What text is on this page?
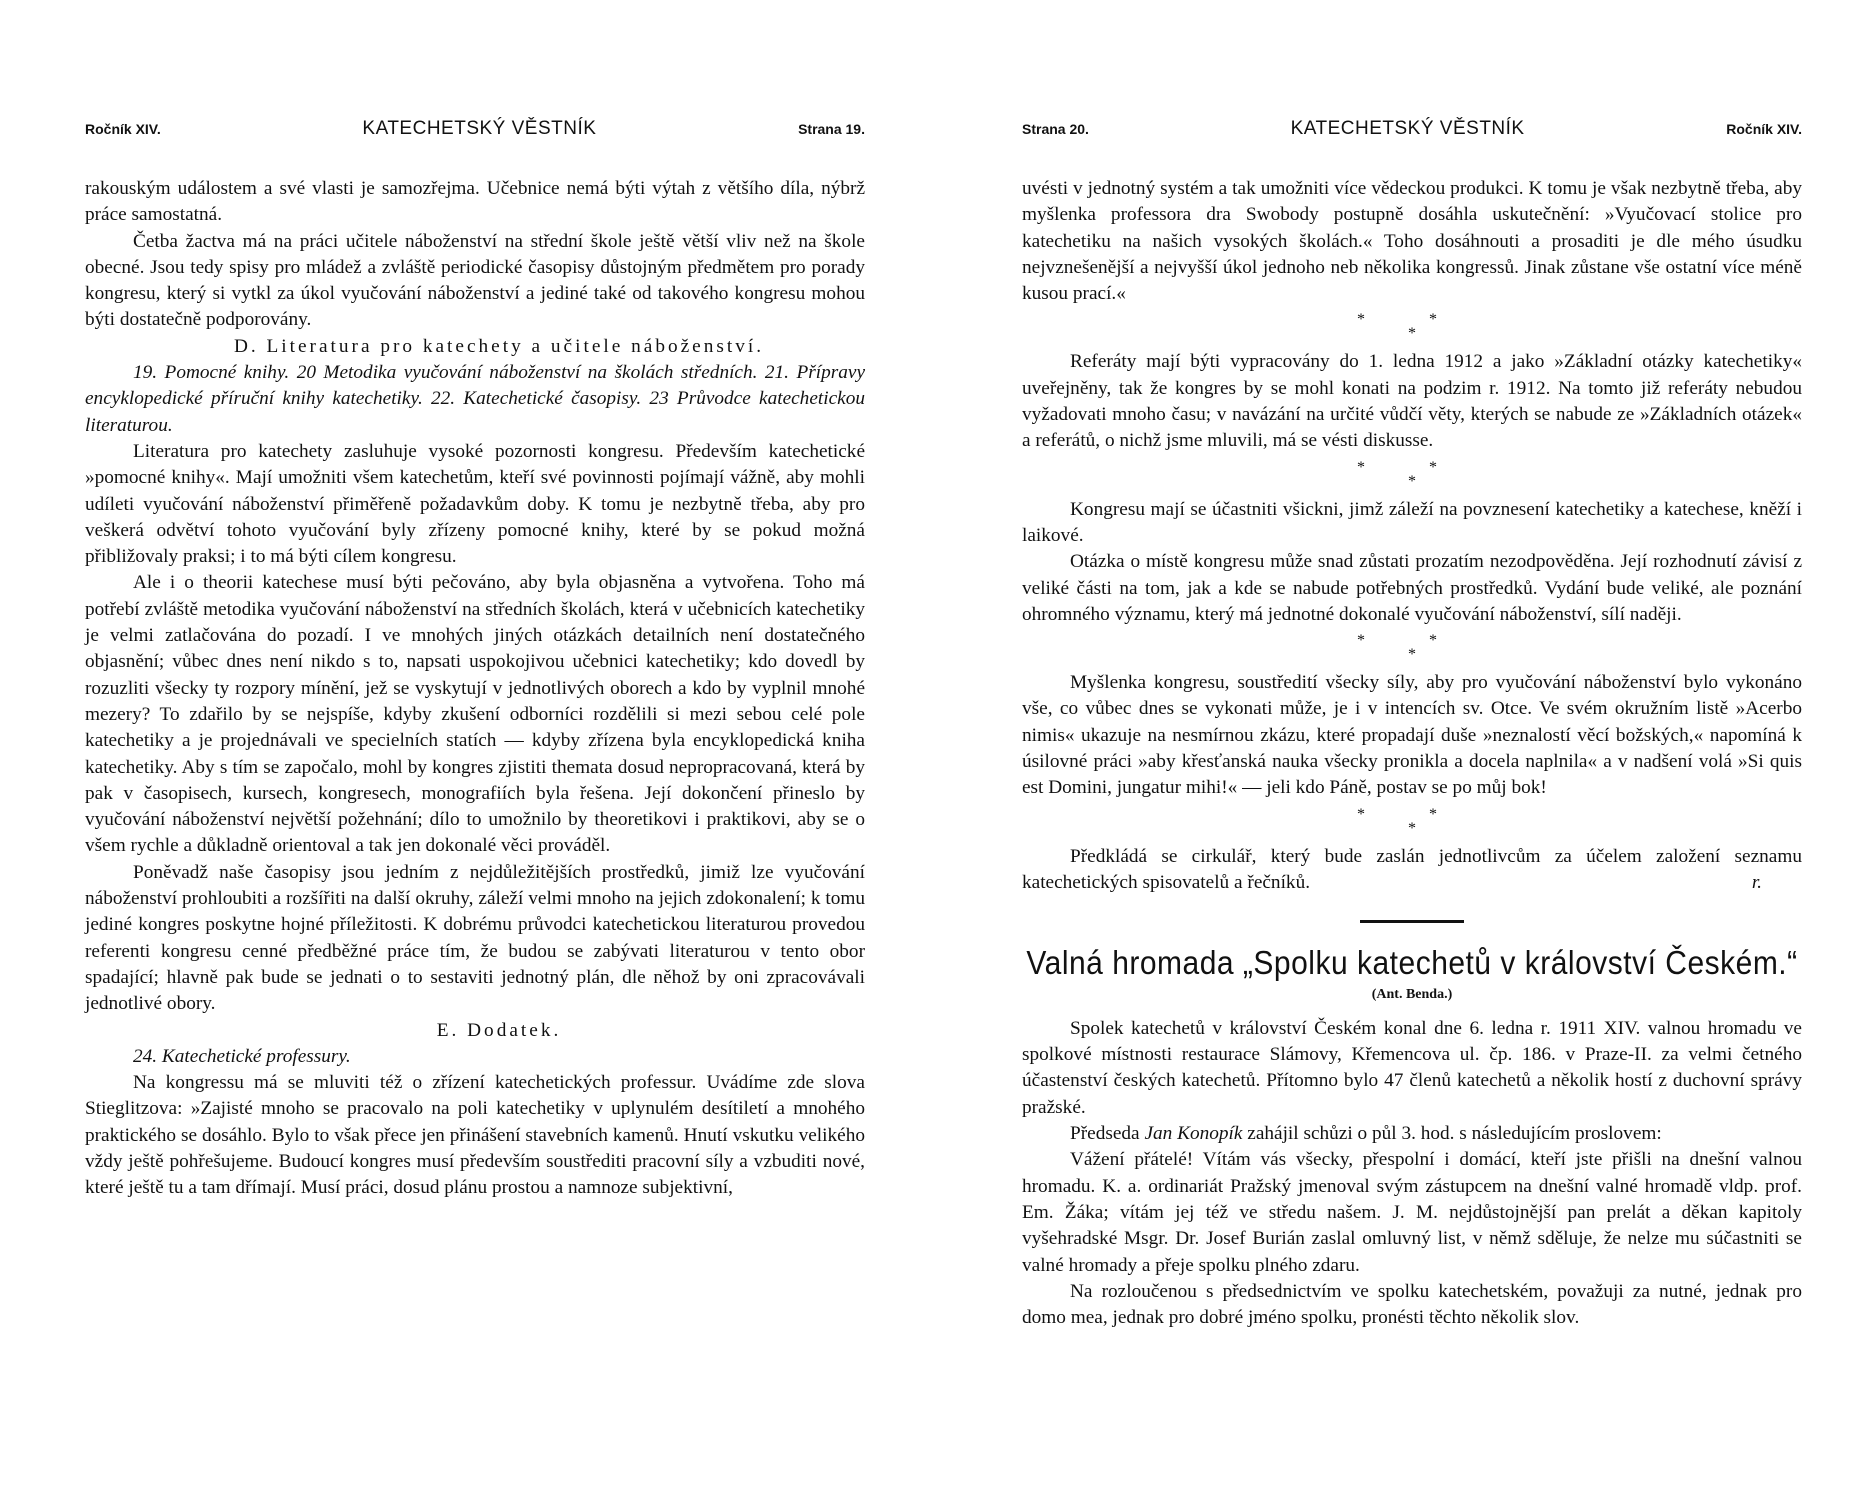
Ročník XIV.	KATECHETSKÝ VĚSTNÍK	Strana 19.

rakouským událostem a své vlasti je samozřejma. Učebnice nemá býti výtah z většího díla, nýbrž práce samostatná.

Četba žactva má na práci učitele náboženství na střední škole ještě větší vliv než na škole obecné. Jsou tedy spisy pro mládež a zvláště periodické časopisy důstojným předmětem pro porady kongresu, který si vytkl za úkol vyučování náboženství a jediné také od takového kongresu mohou býti dostatečně podporovány.

D. Literatura pro katechety a učitele náboženství.

19. Pomocné knihy. 20 Metodika vyučování náboženství na školách středních. 21. Přípravy encyklopedické příruční knihy katechetiky. 22. Katechetické časopisy. 23 Průvodce katechetickou literaturou.

Literatura pro katechety zasluhuje vysoké pozornosti kongresu. Především katechetické »pomocné knihy«. Mají umožniti všem katechetům, kteří své povinnosti pojímají vážně, aby mohli udíleti vyučování náboženství přiměřeně požadavkům doby. K tomu je nezbytně třeba, aby pro veškerá odvětví tohoto vyučování byly zřízeny pomocné knihy, které by se pokud možná přibližovaly praksi; i to má býti cílem kongresu.

Ale i o theorii katechese musí býti pečováno, aby byla objasněna a vytvořena. Toho má potřebí zvláště metodika vyučování náboženství na středních školách, která v učebnicích katechetiky je velmi zatlačována do pozadí. I ve mnohých jiných otázkách detailních není dostatečného objasnění; vůbec dnes není nikdo s to, napsati uspokojivou učebnici katechetiky; kdo dovedl by rozuzliti všecky ty rozpory mínění, jež se vyskytují v jednotlivých oborech a kdo by vyplnil mnohé mezery? To zdařilo by se nejspíše, kdyby zkušení odborníci rozdělili si mezi sebou celé pole katechetiky a je projednávali ve specielních statích — kdyby zřízena byla encyklopedická kniha katechetiky. Aby s tím se započalo, mohl by kongres zjistiti themata dosud nepropracovaná, která by pak v časopisech, kursech, kongresech, monografiích byla řešena. Její dokončení přineslo by vyučování náboženství největší požehnání; dílo to umožnilo by theoretikovi i praktikovi, aby se o všem rychle a důkladně orientoval a tak jen dokonalé věci prováděl.

Poněvadž naše časopisy jsou jedním z nejdůležitějších prostředků, jimiž lze vyučování náboženství prohloubiti a rozšířiti na další okruhy, záleží velmi mnoho na jejich zdokonalení; k tomu jediné kongres poskytne hojné příležitosti. K dobrému průvodci katechetickou literaturou provedou referenti kongresu cenné předběžné práce tím, že budou se zabývati literaturou v tento obor spadající; hlavně pak bude se jednati o to sestaviti jednotný plán, dle něhož by oni zpracovávali jednotlivé obory.

E. Dodatek.

24. Katechetické professury.

Na kongressu má se mluviti též o zřízení katechetických professur. Uvádíme zde slova Stieglitzova: »Zajisté mnoho se pracovalo na poli katechetiky v uplynulém desítiletí a mnohého praktického se dosáhlo. Bylo to však přece jen přinášení stavebních kamenů. Hnutí vskutku velikého vždy ještě pohřešujeme. Budoucí kongres musí především soustřediti pracovní síly a vzbuditi nové, které ještě tu a tam dřímají. Musí práci, dosud plánu prostou a namnoze subjektivní,

Strana 20.	KATECHETSKÝ VĚSTNÍK	Ročník XIV.

uvésti v jednotný systém a tak umožniti více vědeckou produkci. K tomu je však nezbytně třeba, aby myšlenka professora dra Swobody postupně dosáhla uskutečnění: »Vyučovací stolice pro katechetiku na našich vysokých školách.« Toho dosáhnouti a prosaditi je dle mého úsudku nejvznešenější a nejvyšší úkol jednoho neb několika kongressů. Jinak zůstane vše ostatní více méně kusou prací.«

* *
*

Referáty mají býti vypracovány do 1. ledna 1912 a jako »Základní otázky katechetiky« uveřejněny, tak že kongres by se mohl konati na podzim r. 1912. Na tomto již referáty nebudou vyžadovati mnoho času; v navázání na určité vůdčí věty, kterých se nabude ze »Základních otázek« a referátů, o nichž jsme mluvili, má se vésti diskusse.

* *
*

Kongresu mají se účastniti všickni, jimž záleží na povznesení katechetiky a katechese, kněží i laikové.

Otázka o místě kongresu může snad zůstati prozatím nezodpověděna. Její rozhodnutí závisí z veliké části na tom, jak a kde se nabude potřebných prostředků. Vydání bude veliké, ale poznání ohromného významu, který má jednotné dokonalé vyučování náboženství, sílí naději.

* *
*

Myšlenka kongresu, soustředití všecky síly, aby pro vyučování náboženství bylo vykonáno vše, co vůbec dnes se vykonati může, je i v intencích sv. Otce. Ve svém okružním listě »Acerbo nimis« ukazuje na nesmírnou zkázu, které propadají duše »neznalostí věcí božských,« napomíná k úsilovné práci »aby křesťanská nauka všecky pronikla a docela naplnila« a v nadšení volá »Si quis est Domini, jungatur mihi!« — jeli kdo Páně, postav se po můj bok!

* *
*

Předkládá se cirkulář, který bude zaslán jednotlivcům za účelem založení seznamu katechetických spisovatelů a řečníků.	r.

Valná hromada „Spolku katechetů v království Českém.“
(Ant. Benda.)

Spolek katechetů v království Českém konal dne 6. ledna r. 1911 XIV. valnou hromadu ve spolkové místnosti restaurace Slámovy, Křemencova ul. čp. 186. v Praze-II. za velmi četného účastenství českých katechetů. Přítomno bylo 47 členů katechetů a několik hostí z duchovní správy pražské.

Předseda Jan Konopík zahájil schůzi o půl 3. hod. s následujícím proslovem:

Vážení přátelé! Vítám vás všecky, přespolní i domácí, kteří jste přišli na dnešní valnou hromadu. K. a. ordinariát Pražský jmenoval svým zástupcem na dnešní valné hromadě vldp. prof. Em. Žáka; vítám jej též ve středu našem. J. M. nejdůstojnější pan prelát a děkan kapitoly vyšehradské Msgr. Dr. Josef Burián zaslal omluvný list, v němž sděluje, že nelze mu súčastniti se valné hromady a přeje spolku plného zdaru.

Na rozloučenou s předsednictvím ve spolku katechetském, považuji za nutné, jednak pro domo mea, jednak pro dobré jméno spolku, pronésti těchto několik slov.
